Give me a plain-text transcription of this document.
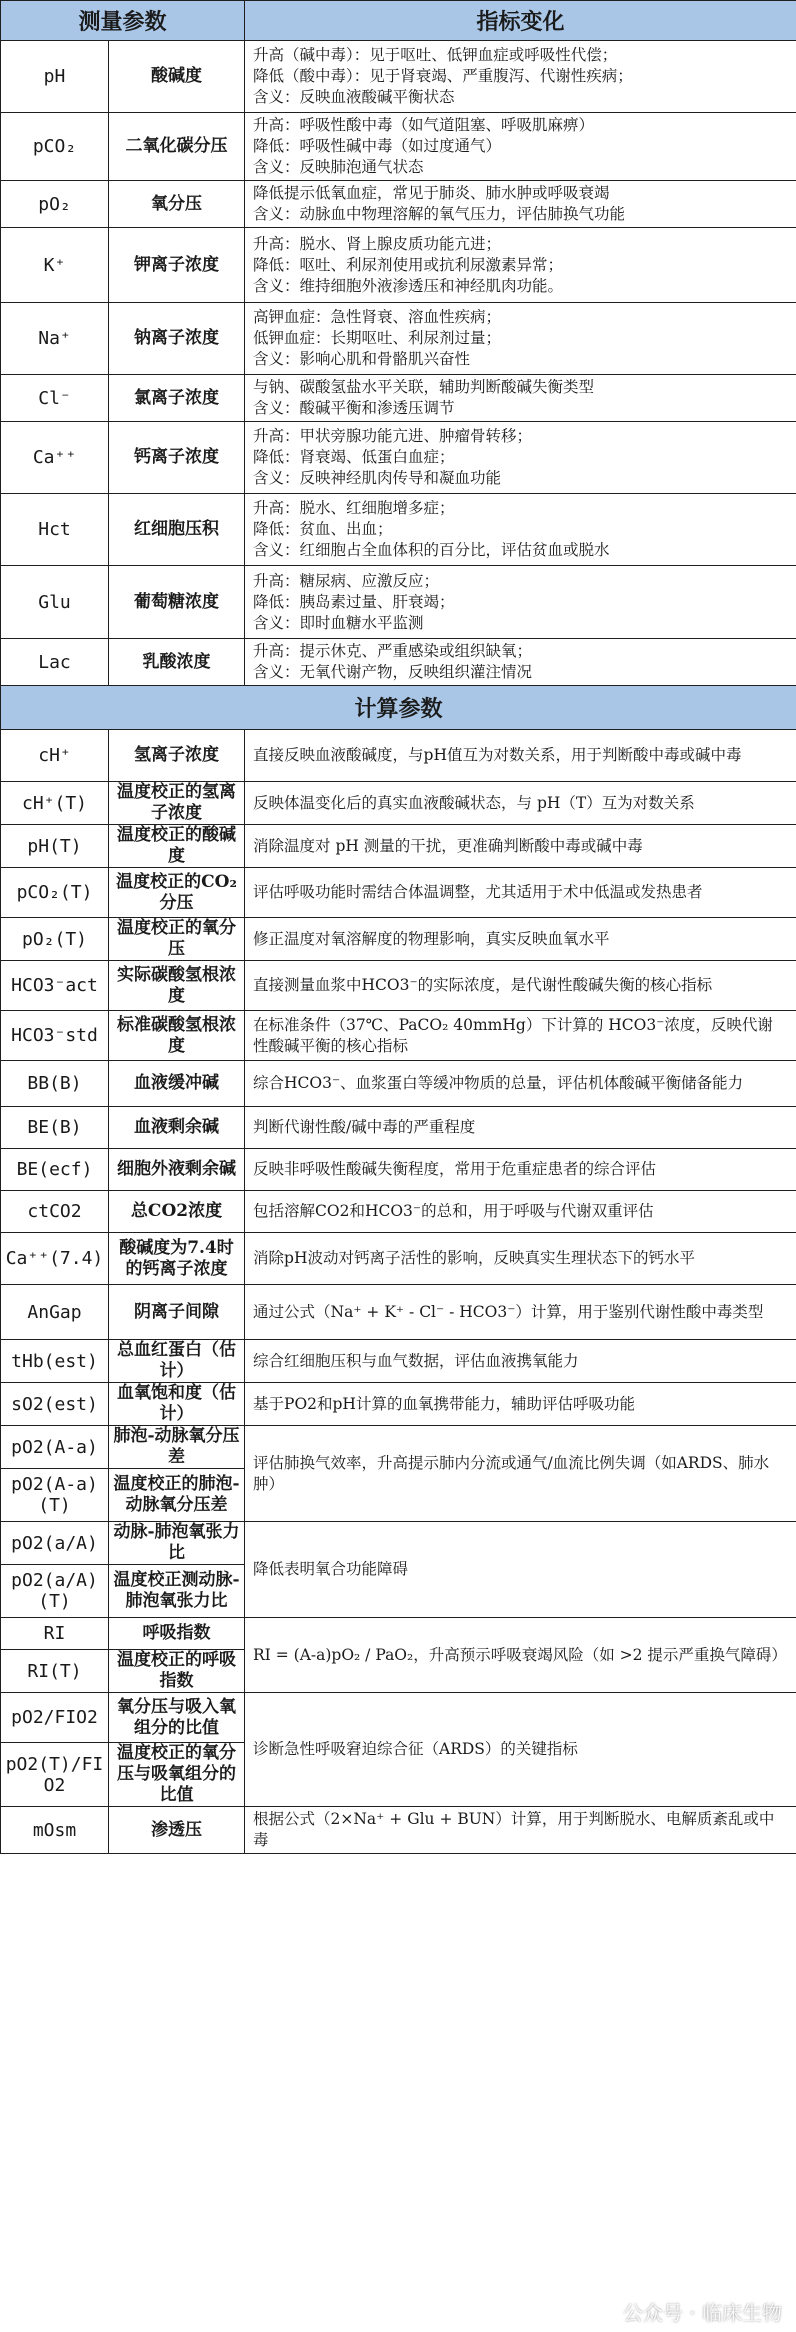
测量参数		指标变化
pH	酸碱度	升高（碱中毒）：见于呕吐、低钾血症或呼吸性代偿；
降低（酸中毒）：见于肾衰竭、严重腹泻、代谢性疾病；
含义：反映血液酸碱平衡状态

pCO₂	二氧化碳分压	升高：呼吸性酸中毒（如气道阻塞、呼吸肌麻痹）
降低：呼吸性碱中毒（如过度通气）
含义：反映肺泡通气状态

pO₂	氧分压	降低提示低氧血症，常见于肺炎、肺水肿或呼吸衰竭
含义：动脉血中物理溶解的氧气压力，评估肺换气功能

K⁺	钾离子浓度	升高：脱水、肾上腺皮质功能亢进；
降低：呕吐、利尿剂使用或抗利尿激素异常；
含义：维持细胞外液渗透压和神经肌肉功能。

Na⁺	钠离子浓度	高钾血症：急性肾衰、溶血性疾病；
低钾血症：长期呕吐、利尿剂过量；
含义：影响心肌和骨骼肌兴奋性

Cl⁻	氯离子浓度	与钠、碳酸氢盐水平关联，辅助判断酸碱失衡类型
含义：酸碱平衡和渗透压调节

Ca⁺⁺	钙离子浓度	升高：甲状旁腺功能亢进、肿瘤骨转移；
降低：肾衰竭、低蛋白血症；
含义：反映神经肌肉传导和凝血功能

Hct	红细胞压积	升高：脱水、红细胞增多症；
降低：贫血、出血；
含义：红细胞占全血体积的百分比，评估贫血或脱水

Glu	葡萄糖浓度	升高：糖尿病、应激反应；
降低：胰岛素过量、肝衰竭；
含义：即时血糖水平监测

Lac	乳酸浓度	升高：提示休克、严重感染或组织缺氧；
含义：无氧代谢产物，反映组织灌注情况

计算参数		
cH⁺	氢离子浓度	直接反映血液酸碱度，与pH值互为对数关系，用于判断酸中毒或碱中毒
cH⁺(T)	温度校正的氢离子浓度	反映体温变化后的真实血液酸碱状态，与 pH（T）互为对数关系
pH(T)	温度校正的酸碱度	消除温度对 pH 测量的干扰，更准确判断酸中毒或碱中毒
pCO₂(T)	温度校正的CO₂分压	评估呼吸功能时需结合体温调整，尤其适用于术中低温或发热患者
pO₂(T)	温度校正的氧分压	修正温度对氧溶解度的物理影响，真实反映血氧水平
HCO3⁻act	实际碳酸氢根浓度	直接测量血浆中HCO3⁻的实际浓度，是代谢性酸碱失衡的核心指标
HCO3⁻std	标准碳酸氢根浓度	在标准条件（37℃、PaCO₂ 40mmHg）下计算的 HCO3⁻浓度，反映代谢性酸碱平衡的核心指标
BB(B)	血液缓冲碱	综合HCO3⁻、血浆蛋白等缓冲物质的总量，评估机体酸碱平衡储备能力
BE(B)	血液剩余碱	判断代谢性酸/碱中毒的严重程度
BE(ecf)	细胞外液剩余碱	反映非呼吸性酸碱失衡程度，常用于危重症患者的综合评估
ctCO2	总CO2浓度	包括溶解CO2和HCO3⁻的总和，用于呼吸与代谢双重评估
Ca⁺⁺(7.4)	酸碱度为7.4时的钙离子浓度	消除pH波动对钙离子活性的影响，反映真实生理状态下的钙水平
AnGap	阴离子间隙	通过公式（Na⁺ + K⁺ - Cl⁻ - HCO3⁻）计算，用于鉴别代谢性酸中毒类型
tHb(est)	总血红蛋白（估计）	综合红细胞压积与血气数据，评估血液携氧能力
sO2(est)	血氧饱和度（估计）	基于PO2和pH计算的血氧携带能力，辅助评估呼吸功能
pO2(A-a)	肺泡-动脉氧分压差	评估肺换气效率，升高提示肺内分流或通气/血流比例失调（如ARDS、肺水肿）
pO2(A-a)(T)	温度校正的肺泡-动脉氧分压差	
pO2(a/A)	动脉-肺泡氧张力比	降低表明氧合功能障碍
pO2(a/A)(T)	温度校正测动脉-肺泡氧张力比	
RI	呼吸指数	RI = (A-a)pO₂ / PaO₂，升高预示呼吸衰竭风险（如 >2 提示严重换气障碍）
RI(T)	温度校正的呼吸指数	
pO2/FIO2	氧分压与吸入氧组分的比值	诊断急性呼吸窘迫综合征（ARDS）的关键指标
pO2(T)/FIO2	温度校正的氧分压与吸氧组分的比值	
mOsm	渗透压	根据公式（2×Na⁺ + Glu + BUN）计算，用于判断脱水、电解质紊乱或中毒
公众号 · 临床生物
